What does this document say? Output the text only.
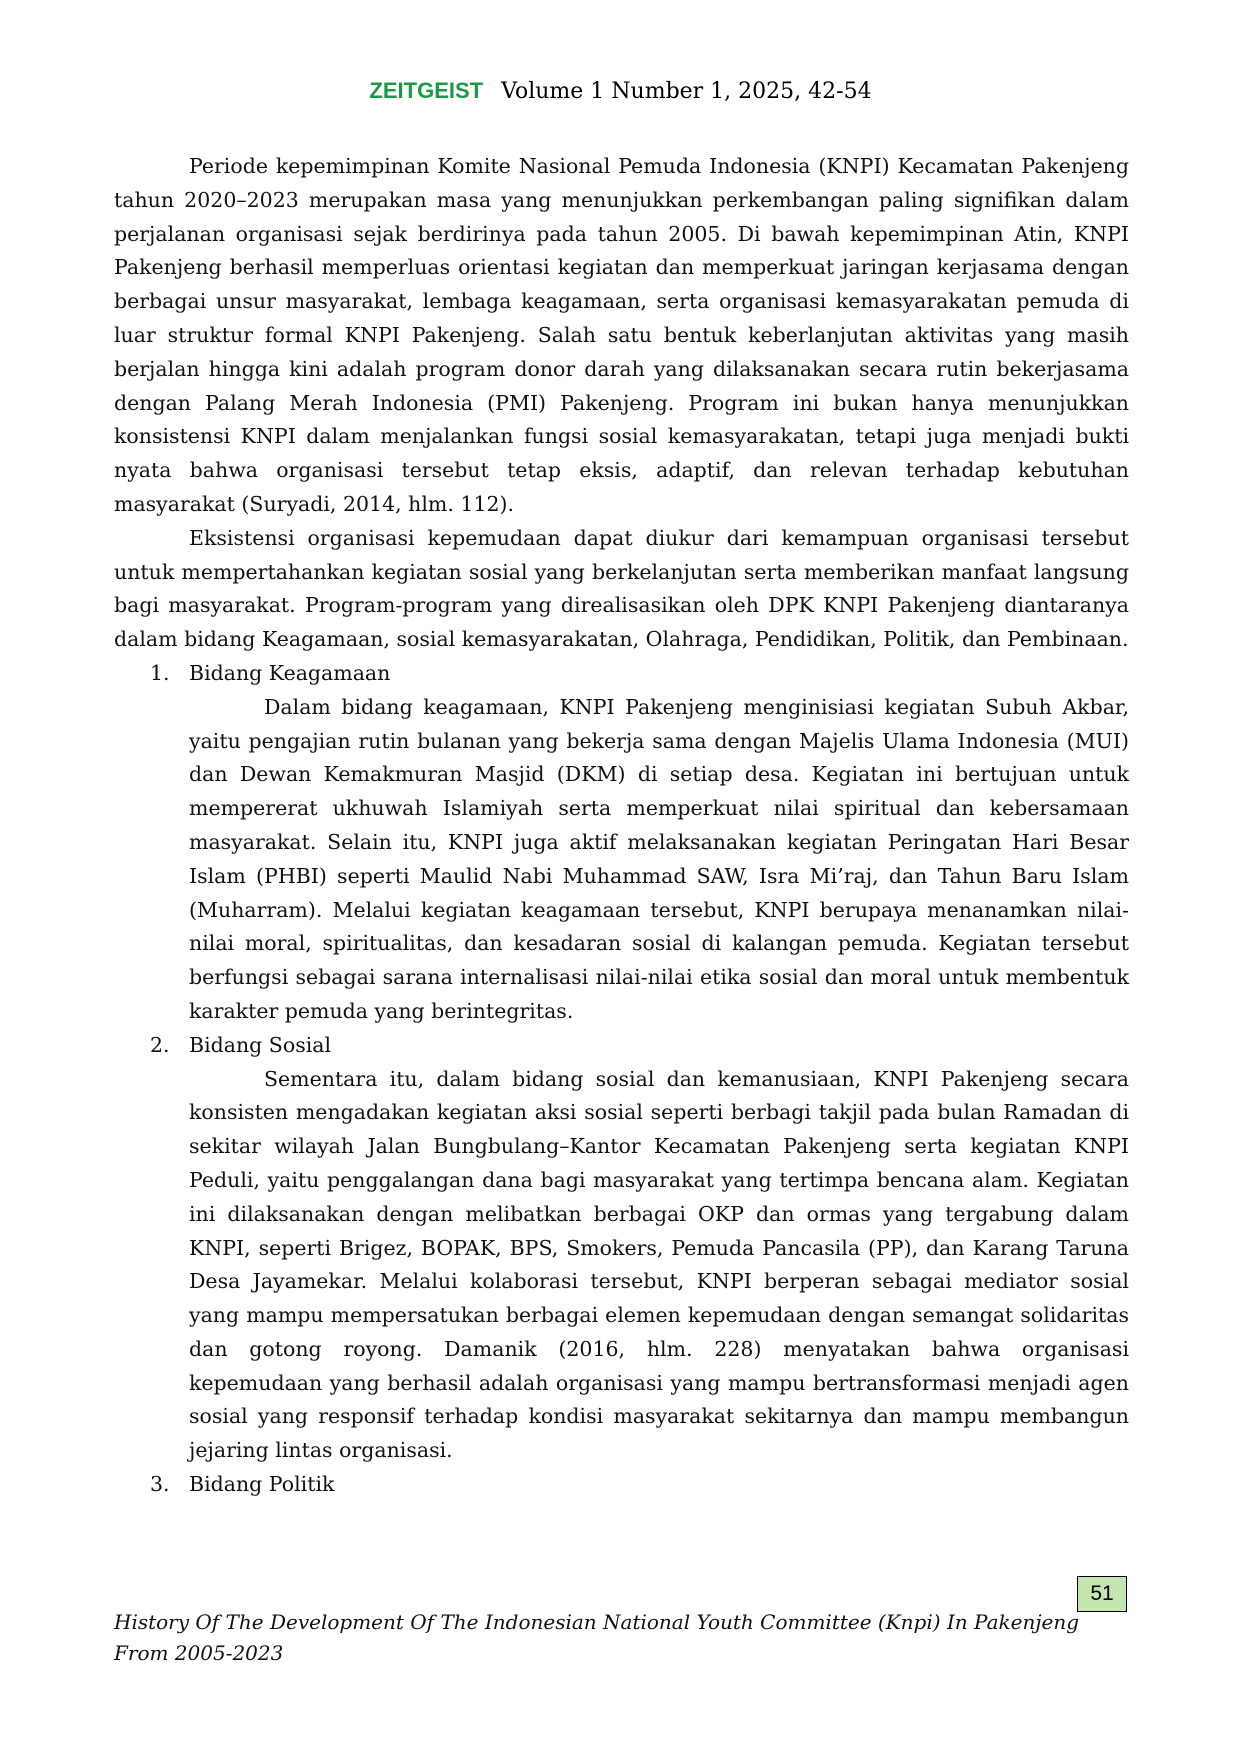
ZEITGEIST Volume 1 Number 1, 2025, 42-54

Periode kepemimpinan Komite Nasional Pemuda Indonesia (KNPI) Kecamatan Pakenjeng tahun 2020–2023 merupakan masa yang menunjukkan perkembangan paling signifikan dalam perjalanan organisasi sejak berdirinya pada tahun 2005. Di bawah kepemimpinan Atin, KNPI Pakenjeng berhasil memperluas orientasi kegiatan dan memperkuat jaringan kerjasama dengan berbagai unsur masyarakat, lembaga keagamaan, serta organisasi kemasyarakatan pemuda di luar struktur formal KNPI Pakenjeng. Salah satu bentuk keberlanjutan aktivitas yang masih berjalan hingga kini adalah program donor darah yang dilaksanakan secara rutin bekerjasama dengan Palang Merah Indonesia (PMI) Pakenjeng. Program ini bukan hanya menunjukkan konsistensi KNPI dalam menjalankan fungsi sosial kemasyarakatan, tetapi juga menjadi bukti nyata bahwa organisasi tersebut tetap eksis, adaptif, dan relevan terhadap kebutuhan masyarakat (Suryadi, 2014, hlm. 112).

Eksistensi organisasi kepemudaan dapat diukur dari kemampuan organisasi tersebut untuk mempertahankan kegiatan sosial yang berkelanjutan serta memberikan manfaat langsung bagi masyarakat. Program-program yang direalisasikan oleh DPK KNPI Pakenjeng diantaranya dalam bidang Keagamaan, sosial kemasyarakatan, Olahraga, Pendidikan, Politik, dan Pembinaan.

1. Bidang Keagamaan

Dalam bidang keagamaan, KNPI Pakenjeng menginisiasi kegiatan Subuh Akbar, yaitu pengajian rutin bulanan yang bekerja sama dengan Majelis Ulama Indonesia (MUI) dan Dewan Kemakmuran Masjid (DKM) di setiap desa. Kegiatan ini bertujuan untuk mempererat ukhuwah Islamiyah serta memperkuat nilai spiritual dan kebersamaan masyarakat. Selain itu, KNPI juga aktif melaksanakan kegiatan Peringatan Hari Besar Islam (PHBI) seperti Maulid Nabi Muhammad SAW, Isra Mi’raj, dan Tahun Baru Islam (Muharram). Melalui kegiatan keagamaan tersebut, KNPI berupaya menanamkan nilai-nilai moral, spiritualitas, dan kesadaran sosial di kalangan pemuda. Kegiatan tersebut berfungsi sebagai sarana internalisasi nilai-nilai etika sosial dan moral untuk membentuk karakter pemuda yang berintegritas.

2. Bidang Sosial

Sementara itu, dalam bidang sosial dan kemanusiaan, KNPI Pakenjeng secara konsisten mengadakan kegiatan aksi sosial seperti berbagi takjil pada bulan Ramadan di sekitar wilayah Jalan Bungbulang–Kantor Kecamatan Pakenjeng serta kegiatan KNPI Peduli, yaitu penggalangan dana bagi masyarakat yang tertimpa bencana alam. Kegiatan ini dilaksanakan dengan melibatkan berbagai OKP dan ormas yang tergabung dalam KNPI, seperti Brigez, BOPAK, BPS, Smokers, Pemuda Pancasila (PP), dan Karang Taruna Desa Jayamekar. Melalui kolaborasi tersebut, KNPI berperan sebagai mediator sosial yang mampu mempersatukan berbagai elemen kepemudaan dengan semangat solidaritas dan gotong royong. Damanik (2016, hlm. 228) menyatakan bahwa organisasi kepemudaan yang berhasil adalah organisasi yang mampu bertransformasi menjadi agen sosial yang responsif terhadap kondisi masyarakat sekitarnya dan mampu membangun jejaring lintas organisasi.

3. Bidang Politik
51
History Of The Development Of The Indonesian National Youth Committee (Knpi) In Pakenjeng From 2005-2023
